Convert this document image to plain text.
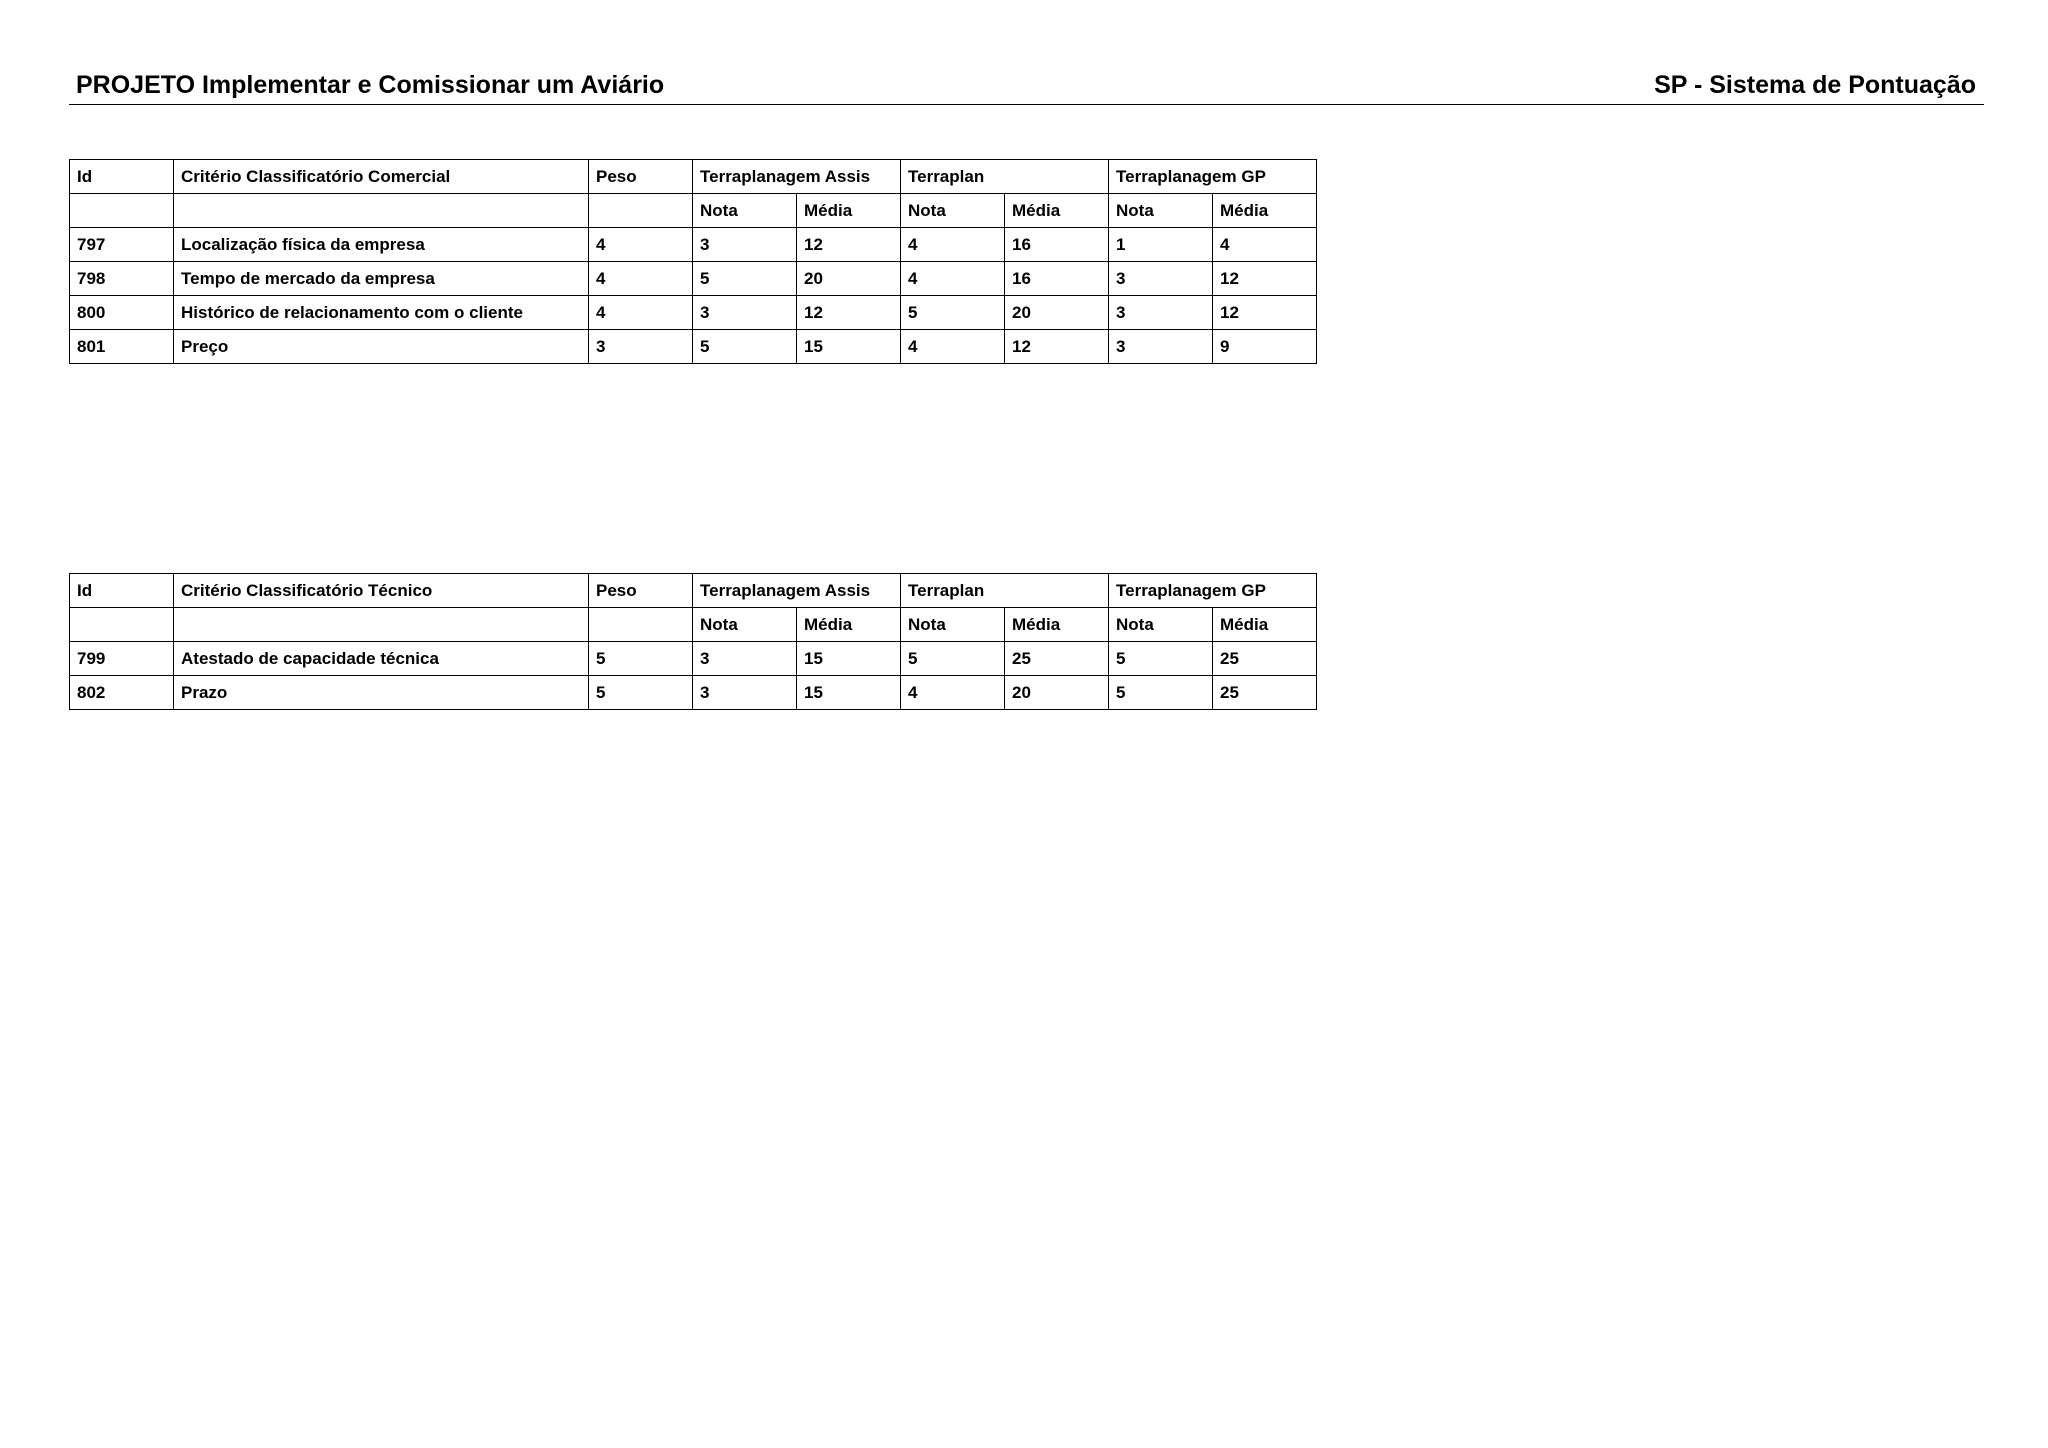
PROJETO Implementar e Comissionar um Aviário	SP - Sistema de Pontuação
Id	Critério Classificatório Comercial	Peso	Terraplanagem Assis		Terraplan		Terraplanagem GP	
			Nota	Média	Nota	Média	Nota	Média
797	Localização física da empresa	4	3	12	4	16	1	4
798	Tempo de mercado da empresa	4	5	20	4	16	3	12
800	Histórico de relacionamento com o cliente	4	3	12	5	20	3	12
801	Preço	3	5	15	4	12	3	9
Id	Critério Classificatório Técnico	Peso	Terraplanagem Assis		Terraplan		Terraplanagem GP	
			Nota	Média	Nota	Média	Nota	Média
799	Atestado de capacidade técnica	5	3	15	5	25	5	25
802	Prazo	5	3	15	4	20	5	25
